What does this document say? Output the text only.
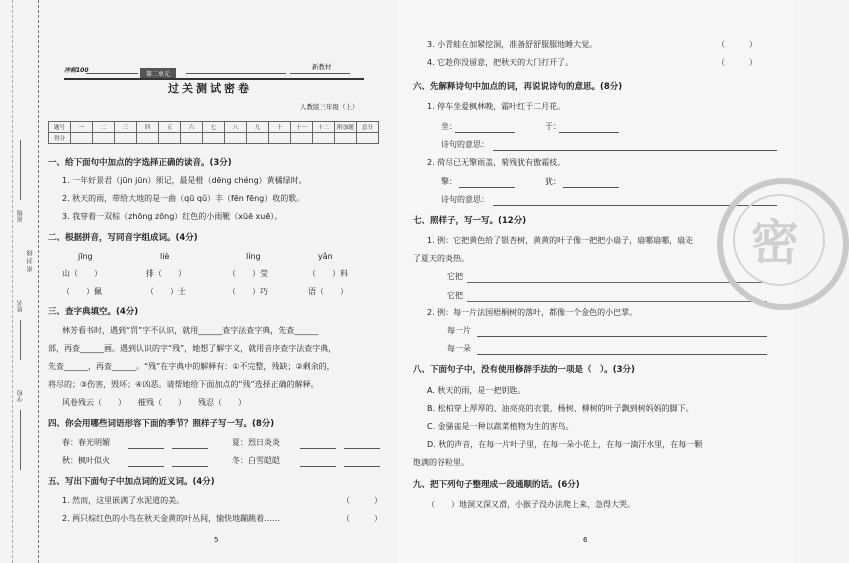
班级
姓名
密 封 线
学校
冲刺100
第二单元
新教材
过关测试密卷
人教版三年级（上）
题号	一	二	三	四	五	六	七	八	九	十	十一	十二	附加题	总分
得分														
一、给下面句中加点的字选择正确的读音。(3分)
1. 一年好景君（jūn jūn）须记，最是橙（dēng chéng）黄橘绿时。
2. 秋天的雨，带给大地的是一曲（qū qǔ）丰（fēn fēng）收的歌。
3. 我穿着一双棕（zhōng zōng）红色的小雨靴（xūē xuē）。
二、根据拼音，写同音字组成词。(4分)
jīng	liè	líng	yǎn
山（　　）	排（　　）	（　　）莹	（　　）料
（　　）佩	（　　）士	（　　）巧	语（　　）
三、查字典填空。(4分)
林芳看书时，遇到“罚”字不认识，就用______查字法查字典，先查______
部，再查______画。遇到认识的字“残”，她想了解字义，就用音序查字法查字典，
先查______，再查______。“残”在字典中的解释有：①不完整，残缺；②剩余的，
将尽的；③伤害，毁坏；④凶恶。请帮她给下面加点的“残”选择正确的解释。
风卷残云（　　）　　摧残（　　）　　残忍（　　）
四、你会用哪些词语形容下面的季节？照样子写一写。(8分)
春：春光明媚	夏：烈日炎炎
秋：枫叶似火	冬：白雪皑皑
五、写出下面句子中加点词的近义词。(4分)
1. 然而，这里嵌满了水泥道的美。	（　　　）
2. 两只棕红色的小鸟在秋天金黄的叶丛间，愉快地蹦跳着……	（　　　）
5
3. 小青蛙在加紧挖洞，准备舒舒服服地睡大觉。	（　　　）
4. 它趁你没留意，把秋天的大门打开了。	（　　　）
六、先解释诗句中加点的词，再说说诗句的意思。(8分)
1. 停车坐爱枫林晚，霜叶红于二月花。
坐：	于：
诗句的意思：
2. 荷尽已无擎雨盖，菊残犹有傲霜枝。
擎：	犹：
诗句的意思：
七、照样子，写一写。(12分)
1. 例：它把黄色给了银杏树，黄黄的叶子像一把把小扇子，扇哪扇哪，扇走
了夏天的炎热。
它把
它把
2. 例：每一片法国梧桐树的落叶，都像一个金色的小巴掌。
每一片
每一朵
八、下面句子中，没有使用修辞手法的一项是（　）。(3分)
A. 秋天的雨，是一把钥匙。
B. 松柏穿上厚厚的、油亮亮的衣裳，杨树、柳树的叶子飘到树妈妈的脚下。
C. 金骚雀是一种以蔬菜植物为生的害鸟。
D. 秋的声音，在每一片叶子里，在每一朵小花上，在每一滴汗水里，在每一颗
饱满的谷粒里。
九、把下列句子整理成一段通顺的话。(6分)
（　　）地洞又深又滑，小猴子没办法爬上来，急得大哭。
6
密
